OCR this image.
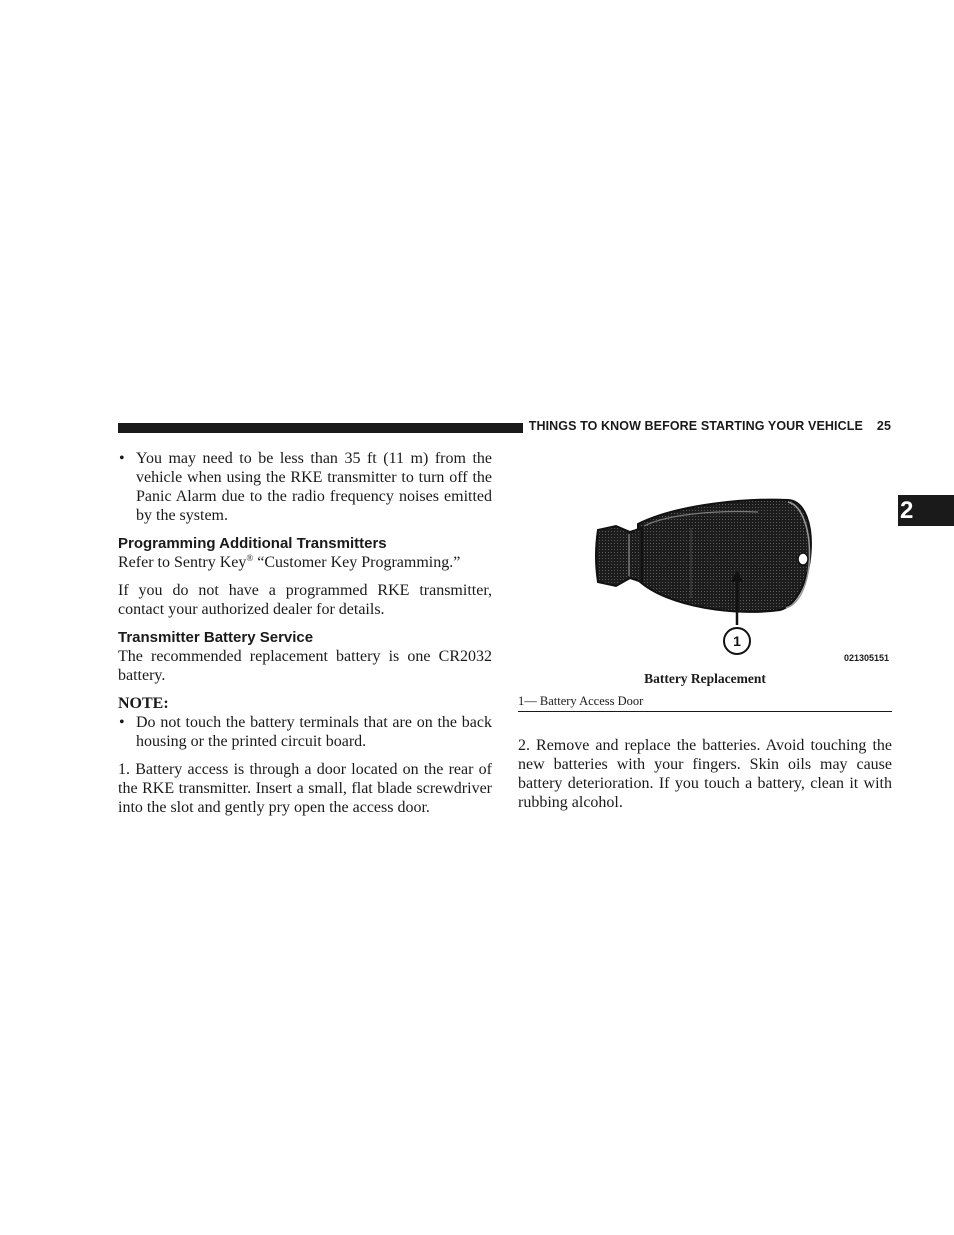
THINGS TO KNOW BEFORE STARTING YOUR VEHICLE 25
2

• You may need to be less than 35 ft (11 m) from the vehicle when using the RKE transmitter to turn off the Panic Alarm due to the radio frequency noises emitted by the system.

Programming Additional Transmitters

Refer to Sentry Key® “Customer Key Programming.”

If you do not have a programmed RKE transmitter, contact your authorized dealer for details.

Transmitter Battery Service

The recommended replacement battery is one CR2032 battery.

NOTE:

• Do not touch the battery terminals that are on the back housing or the printed circuit board.

1. Battery access is through a door located on the rear of the RKE transmitter. Insert a small, flat blade screwdriver into the slot and gently pry open the access door.

1
021305151
Battery Replacement
1— Battery Access Door

2. Remove and replace the batteries. Avoid touching the new batteries with your fingers. Skin oils may cause battery deterioration. If you touch a battery, clean it with rubbing alcohol.
